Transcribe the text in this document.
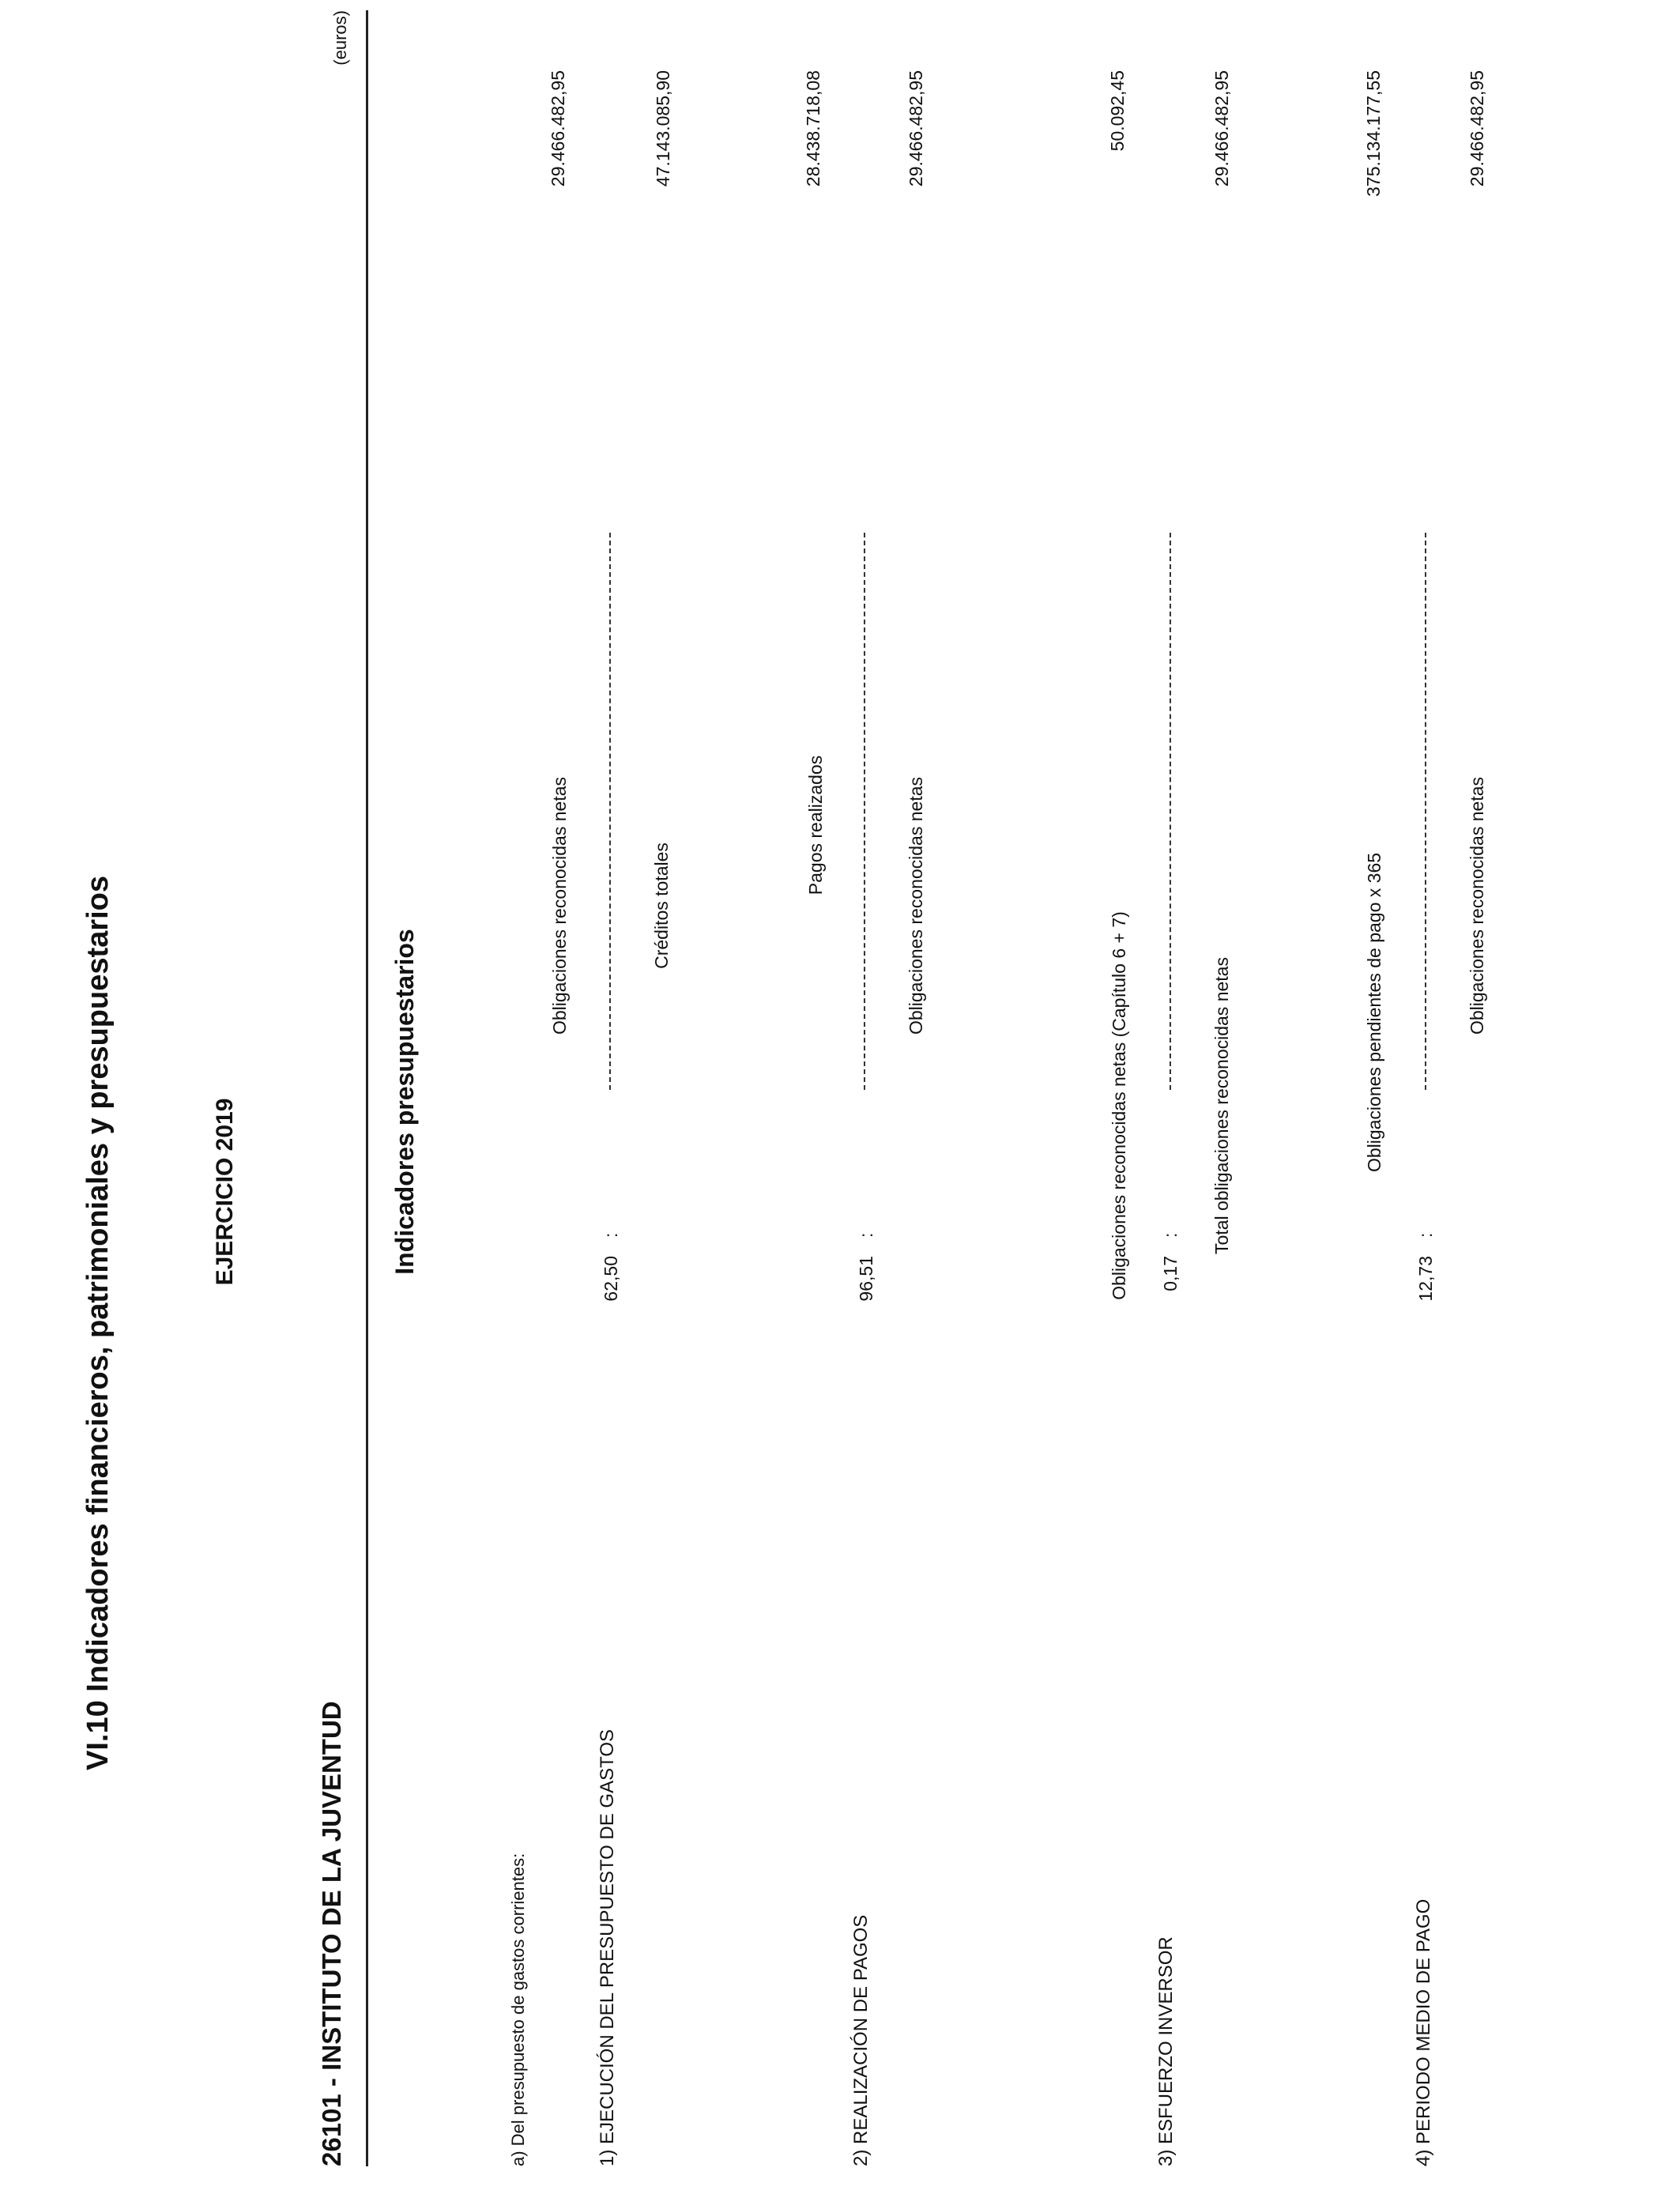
VI.10 Indicadores financieros, patrimoniales y presupuestarios	EJERCICIO 2019
26101 - INSTITUTO DE LA JUVENTUD
(euros)
Indicadores presupuestarios
a) Del presupuesto de gastos corrientes:	1) EJECUCIÓN DEL PRESUPUESTO DE GASTOS
62,50
:
Obligaciones reconocidas netas	Créditos totales
29.466.482,95	47.143.085,90
2) REALIZACIÓN DE PAGOS
96,51
:
Pagos realizados	Obligaciones reconocidas netas
28.438.718,08	29.466.482,95
3) ESFUERZO INVERSOR
0,17
:
Obligaciones reconocidas netas (Capítulo 6 + 7)	Total obligaciones reconocidas netas
50.092,45	29.466.482,95
4) PERIODO MEDIO DE PAGO
12,73
:
Obligaciones pendientes de pago x 365	Obligaciones reconocidas netas
375.134.177,55	29.466.482,95
